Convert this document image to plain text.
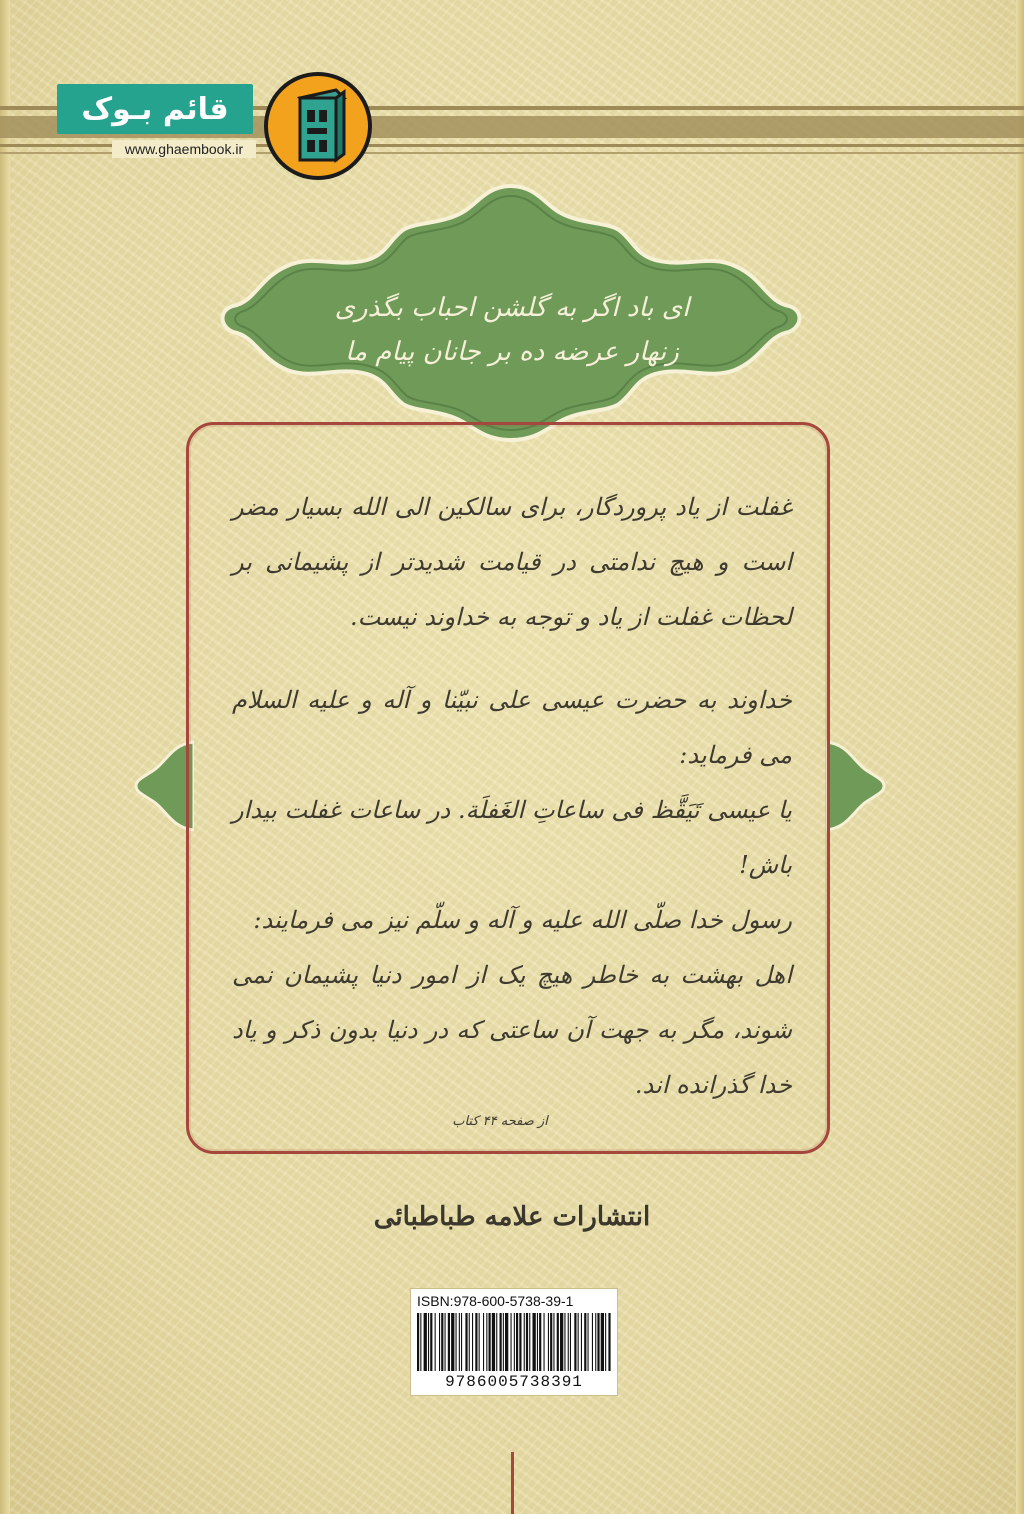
قائم بـوک
www.ghaembook.ir
ای باد اگر به گلشن احباب بگذری
زنهار عرضه ده بر جانان پیام ما

غفلت از یاد پروردگار، برای سالکین الی الله بسیار مضر است و هیچ ندامتی در قیامت شدیدتر از پشیمانی بر لحظات غفلت از یاد و توجه به خداوند نیست.

خداوند به حضرت عیسی علی نبیّنا و آله و علیه السلام می فرماید:

یا عیسی تَیَقَّظ فی ساعاتِ الغَفلَة. در ساعات غفلت بیدار باش!

رسول خدا صلّی الله علیه و آله و سلّم نیز می فرمایند:

اهل بهشت به خاطر هیچ یک از امور دنیا پشیمان نمی شوند، مگر به جهت آن ساعتی که در دنیا بدون ذکر و یاد خدا گذرانده اند.

از صفحه ۴۴ کتاب
انتشارات علامه طباطبائی
ISBN:978-600-5738-39-1
9786005738391
